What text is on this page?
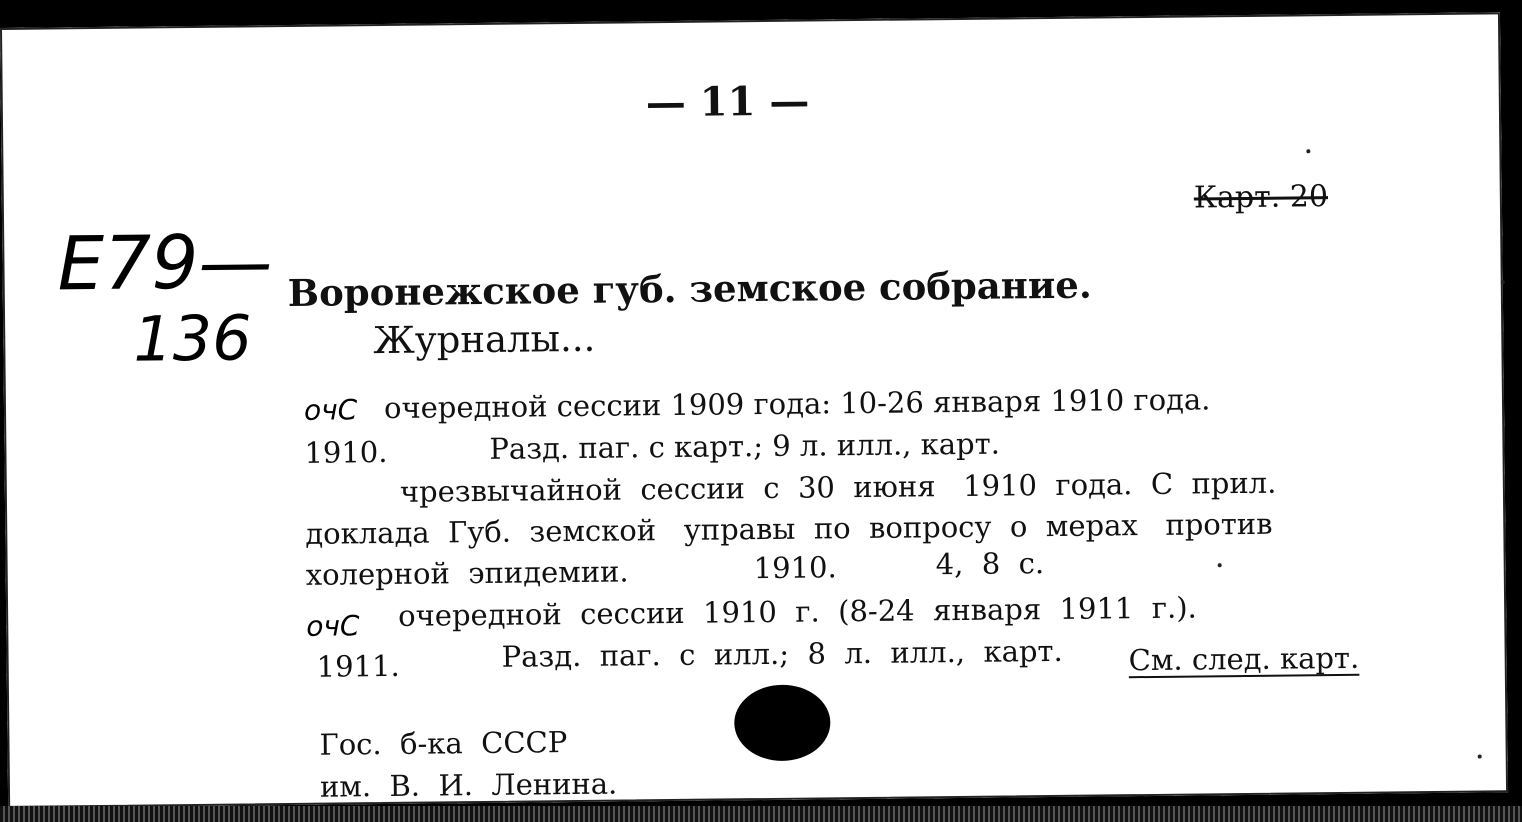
— 11 —
Карт. 20
E79—
136
Воронежское губ. земское собрание.
Журналы...
очС очередной сессии 1909 года: 10-26 января 1910 года.
1910.	Разд. паг. с карт.; 9 л. илл., карт.
чрезвычайной  сессии  с  30  июня   1910  года.  С  прил.
доклада  Губ.  земской   управы  по  вопросу  о  мерах   против
холерной  эпидемии.	1910.	4,  8  с.
очС очередной  сессии  1910  г.  (8-24  января  1911  г.).
1911.	Разд.  паг.  с  илл.;  8  л.  илл.,  карт. См. след. карт.
Гос.  б-ка  СССР
им.  В.  И.  Ленина.
